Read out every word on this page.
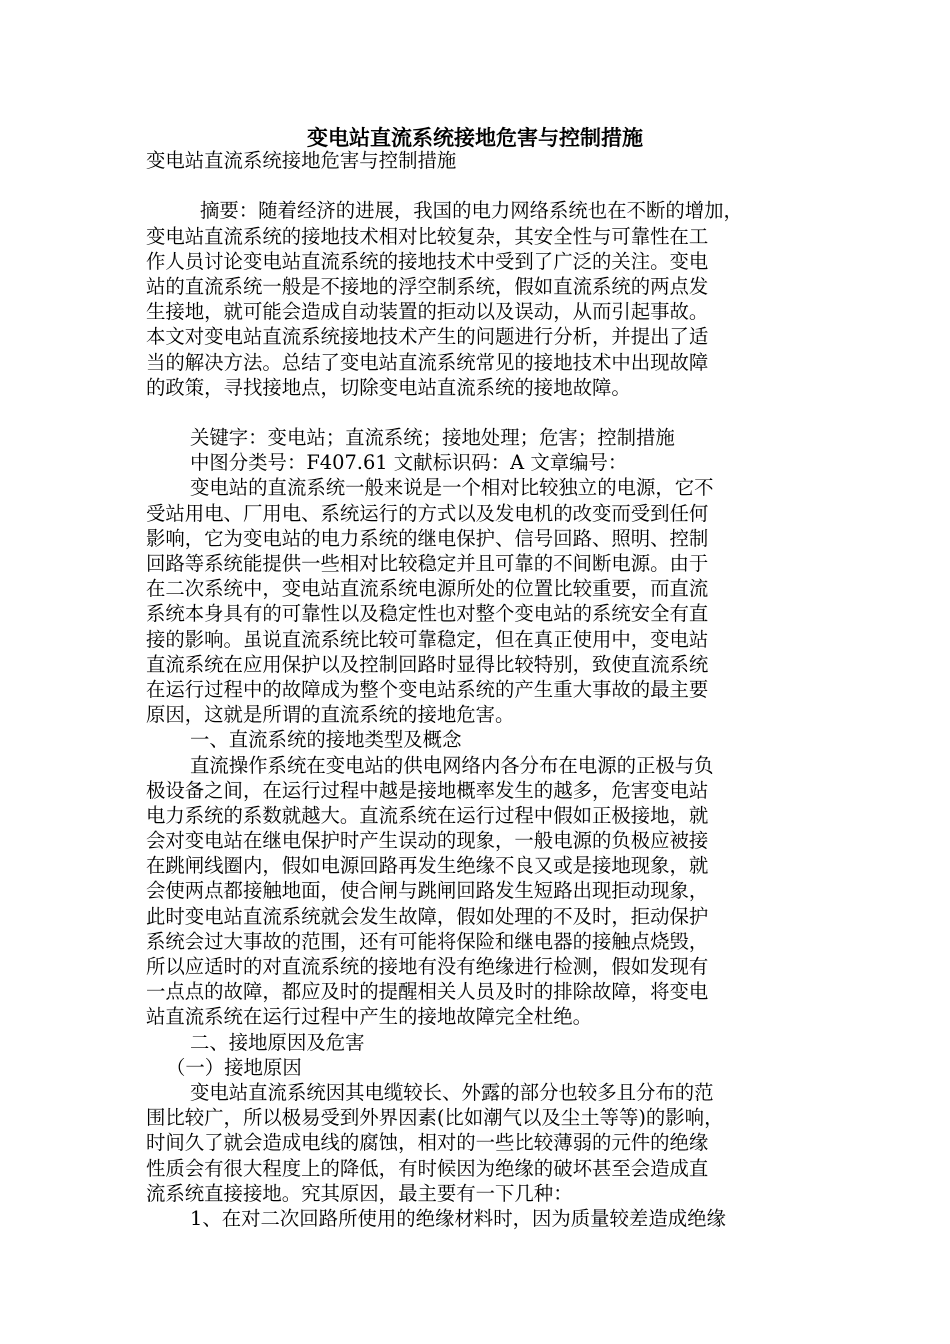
变电站直流系统接地危害与控制措施
变电站直流系统接地危害与控制措施
摘要：随着经济的进展，我国的电力网络系统也在不断的增加，
变电站直流系统的接地技术相对比较复杂，其安全性与可靠性在工
作人员讨论变电站直流系统的接地技术中受到了广泛的关注。变电
站的直流系统一般是不接地的浮空制系统，假如直流系统的两点发
生接地，就可能会造成自动装置的拒动以及误动，从而引起事故。
本文对变电站直流系统接地技术产生的问题进行分析，并提出了适
当的解决方法。总结了变电站直流系统常见的接地技术中出现故障
的政策，寻找接地点，切除变电站直流系统的接地故障。
关键字：变电站；直流系统；接地处理；危害；控制措施
中图分类号：F407.61 文献标识码：A 文章编号：
变电站的直流系统一般来说是一个相对比较独立的电源，它不
受站用电、厂用电、系统运行的方式以及发电机的改变而受到任何
影响，它为变电站的电力系统的继电保护、信号回路、照明、控制
回路等系统能提供一些相对比较稳定并且可靠的不间断电源。由于
在二次系统中，变电站直流系统电源所处的位置比较重要，而直流
系统本身具有的可靠性以及稳定性也对整个变电站的系统安全有直
接的影响。虽说直流系统比较可靠稳定，但在真正使用中，变电站
直流系统在应用保护以及控制回路时显得比较特别，致使直流系统
在运行过程中的故障成为整个变电站系统的产生重大事故的最主要
原因，这就是所谓的直流系统的接地危害。
一、直流系统的接地类型及概念
直流操作系统在变电站的供电网络内各分布在电源的正极与负
极设备之间，在运行过程中越是接地概率发生的越多，危害变电站
电力系统的系数就越大。直流系统在运行过程中假如正极接地，就
会对变电站在继电保护时产生误动的现象，一般电源的负极应被接
在跳闸线圈内，假如电源回路再发生绝缘不良又或是接地现象，就
会使两点都接触地面，使合闸与跳闸回路发生短路出现拒动现象，
此时变电站直流系统就会发生故障，假如处理的不及时，拒动保护
系统会过大事故的范围，还有可能将保险和继电器的接触点烧毁，
所以应适时的对直流系统的接地有没有绝缘进行检测，假如发现有
一点点的故障，都应及时的提醒相关人员及时的排除故障，将变电
站直流系统在运行过程中产生的接地故障完全杜绝。
二、接地原因及危害
（一）接地原因
变电站直流系统因其电缆较长、外露的部分也较多且分布的范
围比较广，所以极易受到外界因素(比如潮气以及尘土等等)的影响，
时间久了就会造成电线的腐蚀，相对的一些比较薄弱的元件的绝缘
性质会有很大程度上的降低，有时候因为绝缘的破坏甚至会造成直
流系统直接接地。究其原因，最主要有一下几种：
1、在对二次回路所使用的绝缘材料时，因为质量较差造成绝缘
